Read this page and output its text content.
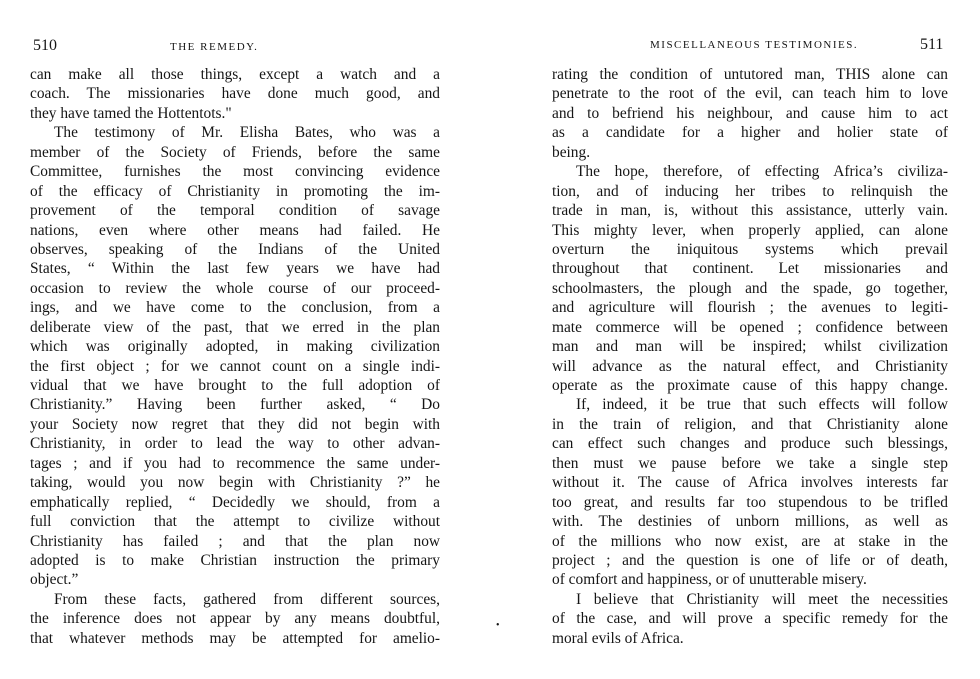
510	THE REMEDY.
can make all those things, except a watch and a
coach. The missionaries have done much good, and
they have tamed the Hottentots."
The testimony of Mr. Elisha Bates, who was a
member of the Society of Friends, before the same
Committee, furnishes the most convincing evidence
of the efficacy of Christianity in promoting the im-
provement of the temporal condition of savage
nations, even where other means had failed. He
observes, speaking of the Indians of the United
States, “ Within the last few years we have had
occasion to review the whole course of our proceed-
ings, and we have come to the conclusion, from a
deliberate view of the past, that we erred in the plan
which was originally adopted, in making civilization
the first object ; for we cannot count on a single indi-
vidual that we have brought to the full adoption of
Christianity.” Having been further asked, “ Do
your Society now regret that they did not begin with
Christianity, in order to lead the way to other advan-
tages ; and if you had to recommence the same under-
taking, would you now begin with Christianity ?” he
emphatically replied, “ Decidedly we should, from a
full conviction that the attempt to civilize without
Christianity has failed ; and that the plan now
adopted is to make Christian instruction the primary
object.”
From these facts, gathered from different sources,
the inference does not appear by any means doubtful,
that whatever methods may be attempted for amelio-
MISCELLANEOUS TESTIMONIES.	511
rating the condition of untutored man, THIS alone can
penetrate to the root of the evil, can teach him to love
and to befriend his neighbour, and cause him to act
as a candidate for a higher and holier state of
being.
The hope, therefore, of effecting Africa’s civiliza-
tion, and of inducing her tribes to relinquish the
trade in man, is, without this assistance, utterly vain.
This mighty lever, when properly applied, can alone
overturn the iniquitous systems which prevail
throughout that continent. Let missionaries and
schoolmasters, the plough and the spade, go together,
and agriculture will flourish ; the avenues to legiti-
mate commerce will be opened ; confidence between
man and man will be inspired; whilst civilization
will advance as the natural effect, and Christianity
operate as the proximate cause of this happy change.
If, indeed, it be true that such effects will follow
in the train of religion, and that Christianity alone
can effect such changes and produce such blessings,
then must we pause before we take a single step
without it. The cause of Africa involves interests far
too great, and results far too stupendous to be trifled
with. The destinies of unborn millions, as well as
of the millions who now exist, are at stake in the
project ; and the question is one of life or of death,
of comfort and happiness, or of unutterable misery.
I believe that Christianity will meet the necessities
of the case, and will prove a specific remedy for the
moral evils of Africa.
•
